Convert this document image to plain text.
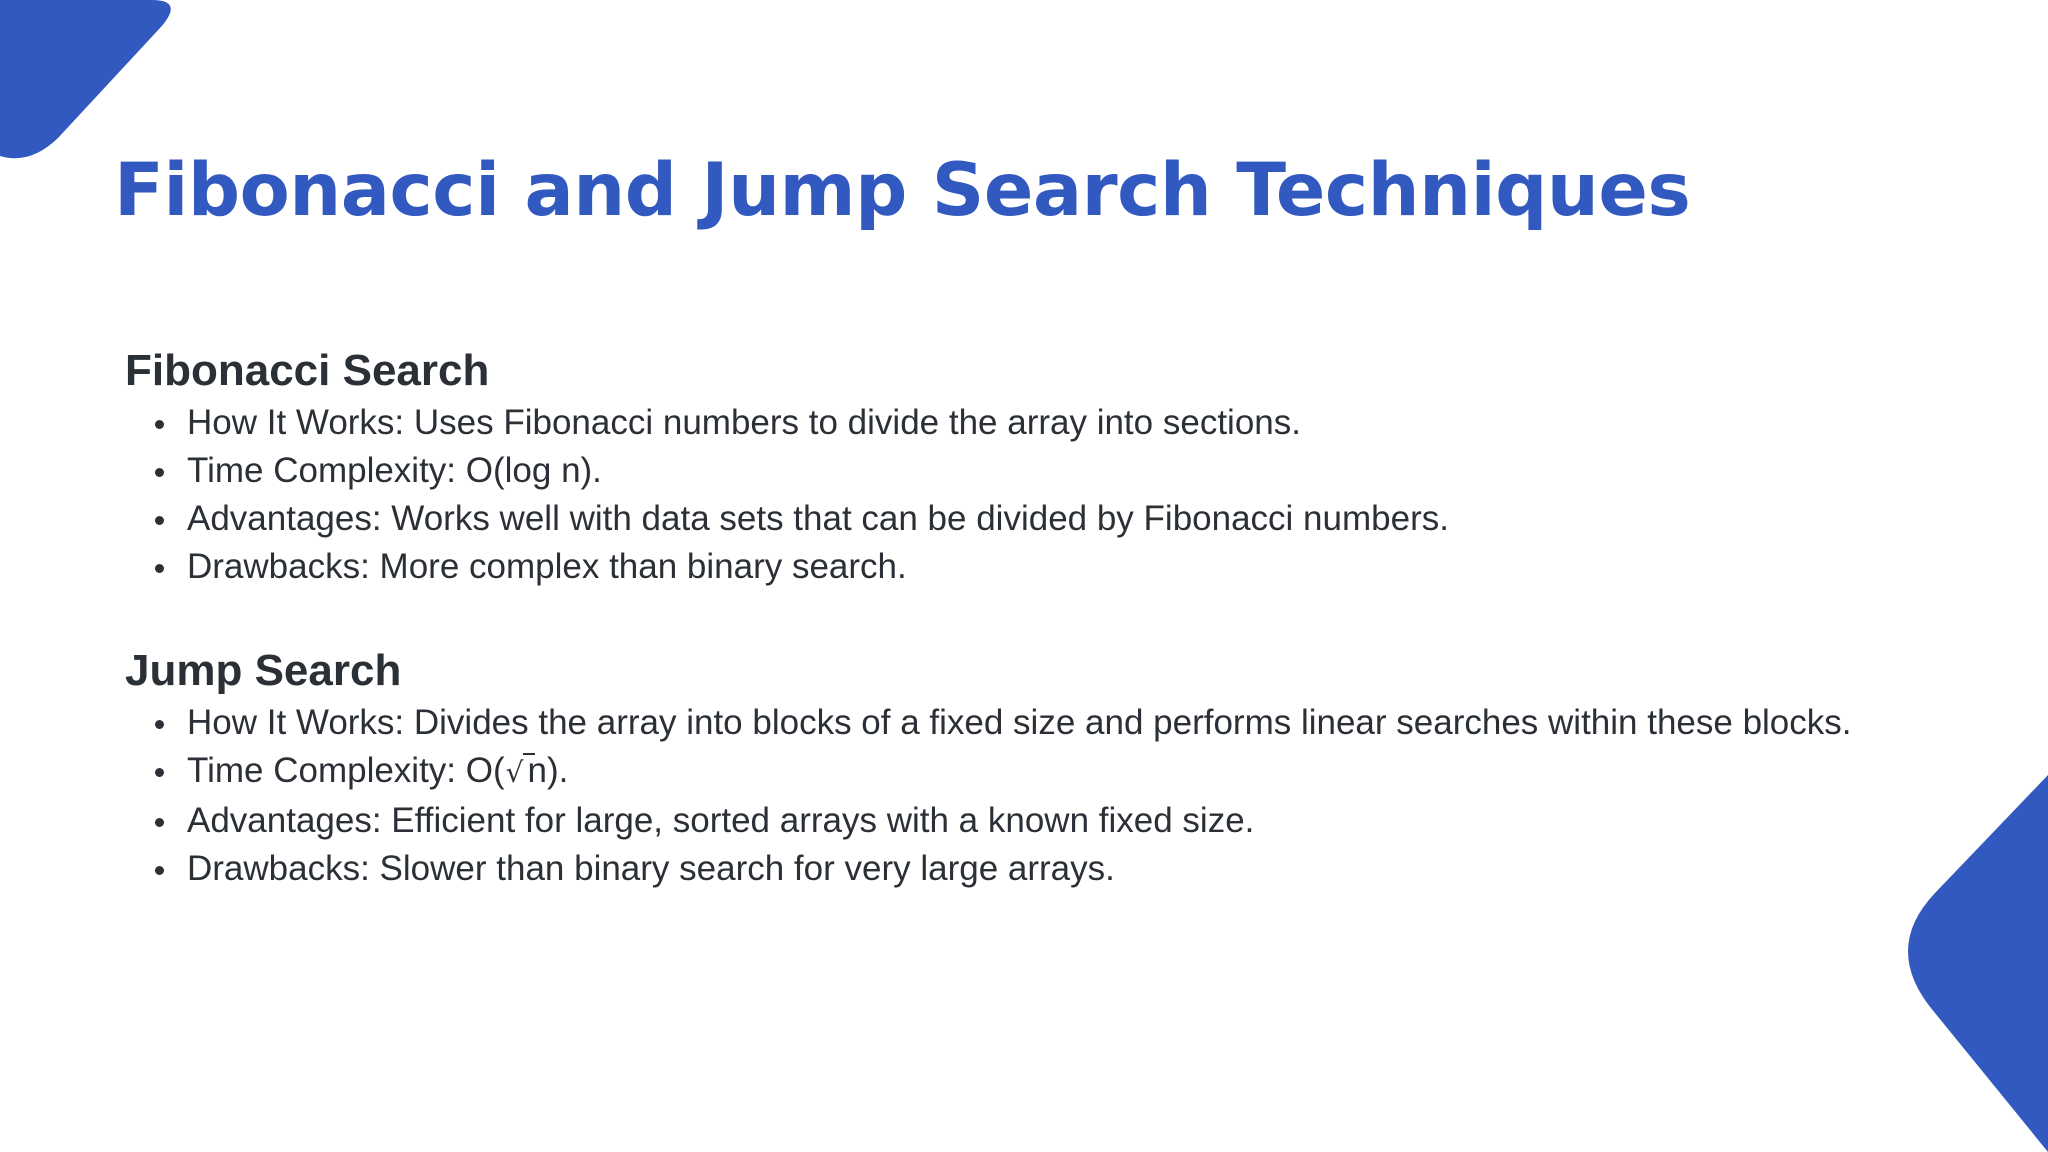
Fibonacci and Jump Search Techniques
Fibonacci Search
How It Works: Uses Fibonacci numbers to divide the array into sections.
Time Complexity: O(log n).
Advantages: Works well with data sets that can be divided by Fibonacci numbers.
Drawbacks: More complex than binary search.
Jump Search
How It Works: Divides the array into blocks of a fixed size and performs linear searches within these blocks.
Time Complexity: O(√ n).
Advantages: Efficient for large, sorted arrays with a known fixed size.
Drawbacks: Slower than binary search for very large arrays.
